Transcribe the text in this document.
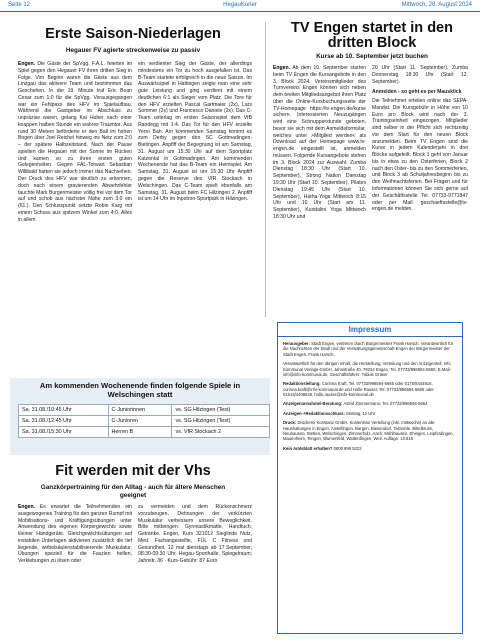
Seite 12	HegauKurier	Mittwoch, 28. August 2024
Erste Saison-Niederlagen
Hegauer FV agierte streckenweise zu passiv
Engen. Die Gäste der SpVgg. F.A.L. feierten im Spiel gegen den Hegauer FV ihren dritten Sieg in Folge. Von Beginn waren die Gäste aus dem Linzgau das aktivere Team und bestimmten das Geschehen. In der 19. Minute traf Eric Boan Cesar zum 1:0 für die SpVgg. Vorausgegangen war ein Fehlpass des HFV im Spielaufbau. Während die Gastgeber im Abschluss zu unpräzise waren, gelang Kai Huber nach einer knappen halben Stunde ein wahres Traumtor. Aus rund 30 Metern beförderte er den Ball im hohen Bogen über Joel Reichel hinweg ins Netz zum 2:0 – der spätere Halbzeitstand. Nach der Pause spielten die Hegauer mit der Sonne im Rücken und kamen so zu ihren ersten guten Gelegenheiten. Gegen FAL-Torwart Sebastian Willibald hatten sie jedoch immer das Nachsehen. Der Druck des HFV war deutlich zu erkennen, doch nach einem gravierenden Abwehrfehler tauchte Mark Burgenmeister völlig frei vor dem Tor auf und schob aus nächster Nähe zum 3:0 ein (61.). Den Schlusspunkt setzte Robin Karg mit einem Schuss aus spitzem Winkel zum 4:0. Alles in allem
ein verdienter Sieg der Gäste, der allerdings mindestens ein Tor zu hoch ausgefallen ist. Das B-Team startete erfolgreich in die neue Saison. Im Auswärtsspiel in Hattingen zeigte man eine sehr gute Leistung und ging verdient mit einem deutlichen 6:1 als Sieger vom Platz. Die Tore für den HFV erzielten Pascal Gartmaier (2x), Lars Sommer (2x) und Francesco Daniele (2x). Das C-Team unterlag im ersten Saisonspiel dem VfB Randegg mit 1:4. Das Tor für den HFV erzielte Yerro Bah. Am kommenden Samstag kommt es zum Derby gegen den SC Gottmadingen-Bietingen. Anpfiff der Begegnung ist am Samstag, 31. August um 15:30 Uhr auf dem Sportplatz Katzental in Gottmadingen. Am kommenden Wochenende hat das B-Team ein Heimspiel. Am Samstag, 31. August ist um 15:30 Uhr Anpfiff gegen die Reserve des VfR Stockach in Welschingen. Das C-Team spielt ebenfalls am Samstag, 31. August beim FC Hilzingen 2. Anpfiff ist um 14 Uhr im Inpotron-Sportpark in Hilzingen.
TV Engen startet in den dritten Block
Kurse ab 10. September jetzt buchen
Engen. Ab dem 10. September starten beim TV Engen die Kursangebote in den 3. Block 2024. Vereinsmitglieder des Turnvereins Engen können sich neben dem breiten Mitgliedsangebot ihren Platz über die Online-Kursbuchungsseite der TV-Homepage https://tv-engen.de/kurse sichern. Interessierten Neuzugängen wird eine Schnupperstunde geboten, bevor sie sich mit dem Anmeldeformular, welches unter >Mitglied werden< als Download auf der Homepage www.tv-engen.de eingestellt ist, anmelden müssen. Folgende Kursangebote stehen im 3. Block 2024 zur Auswahl: Zumba Dienstag 18:30 Uhr (Start 10. September), Strong Nation Dienstag 19:30 Uhr (Start 10. September), Pilates Dienstag 19:45 Uhr (Start 10. September), Hatha-Yoga Mittwoch 8:15 Uhr und 10 Uhr (Start am 11. September), Kundalini Yoga Mittwoch 18:30 Uhr und

20 Uhr (Start 11. September), Zumba Donnerstag 18:30 Uhr (Start 12. September).

Anmelden - so geht es per Mausklick

Die Teilnehmer erteilen online das SEPA-Mandat. Die Kursgebühr in Höhe von 10 Euro pro Block wird nach der 3. Trainingseinheit eingezogen. Mitglieder sind selber in der Pflicht sich rechtzeitig vor dem Start für den neuen Block anzumelden. Beim TV Engen sind die Kurse in jedem Kalenderjahr in drei Blöcke aufgeteilt. Block 1 geht von Januar bis in etwa zu den Osterferien, Block 2 nach den Oster- bis zu den Sommerferien, und Block 3 ab Schuljahresbeginn bis zu den Weihnachtsferien. Bei Fragen und für Informationen können Sie sich gerne auf der Geschäftsstelle Tel. 07733-9771847 oder per Mail: geschaeftsstelle@tv-engen.de melden.

Am kommenden Wochenende finden folgende Spiele in Welschingen statt
Sa. 31.08./10:45 Uhr	C-Juniorinnen	vs. SG Hilzingen (Test)
Sa. 31.08./12:45 Uhr	C-Junioren	vs. SG Hilzingen (Test)
Sa. 31.08./15:30 Uhr	Herren B	vs. VfR Stockach 2
Fit werden mit der Vhs
Ganzkörpertraining für den Alltag - auch für ältere Menschen geeignet
Engen. Es erwartet die Teilnehmenden ein ausgewogenes Training für den ganzen Rumpf mit Mobilisations- und Kräftigungsübungen unter Anwendung des eigenen Körpergewichts sowie kleiner Handgeräte. Gleichgewichtsübungen auf instabilen Unterlagen aktivieren zusätzlich die tief liegende, wirbelsäulenstabilisierende Muskulatur. Übungen speziell für die Faszien helfen, Verklebungen zu lösen oder
zu vermeiden und dem Rückenschmerz vorzubeugen. Dehnungen der verkürzten Muskulatur verbessern unsere Beweglichkeit. Bitte mitbringen: Gymnastikmatte, Handtuch, Getränke. Engen, Kurs 321012 Sieglinde Nutz, Med. Fachangestellte, FÜL C Fitness und Gesundheit. 12 mal dienstags ab 17.September, 08:30-09:30 Uhr, Hegau-Sporthalle, Spiegelraum; Jahnstr. 36 · Kurs-Gebühr: 87 Euro
Impressum

Herausgeber: Stadt Engen, vertreten durch Bürgermeister Frank Harsch. Verantwortlich für die Nachrichten der Stadt und der Verwaltungsgemeinschaft Engen der Bürgermeister der Stadt Engen, Frank Harsch.

Verantwortlich für den übrigen Inhalt, die Herstellung, Verteilung und den Anzeigenteil: Info Kommunal Verlags-GmbH, Jahnstraße 40, 78234 Engen, Tel. 07733/996594-5660, E-Mail: info@info-kommunal.de, Geschäftsführer: Tobias Gräser

Redaktionsleitung: Corinna Kraft, Tel. 07733/996594-5665 oder 0175/8444816, corinna.kraft@info-kommunal.de und Holle Rauser, Tel. 07733/996594-5665 oder 01515/4408626, holle.rauser@info-kommunal.de

Anzeigenannahme/-Beratung: Astrid Zimmermann, Tel. 07733/996594-5664

Anzeigen-+Redaktionsschluss: Montag, 12 Uhr

Druck: Druckerei Konstanz GmbH. Kostenlose Verteilung (inkl. mittwochs) an alle Haushaltungen in Engen, Anselfingen, Bargen, Biesendorf, Talmühle, Bittelbrunn, Neuhausen, Stetten, Welschingen, Zimmerholz, Aach, Mühlhausen, Ehingen, Leipferdingen, Mauenheim, Tengen, Blumenfeld, Watterdingen, Weil. Auflage: 10.810

Kein Amtsblatt erhalten? 0800 999 5222
